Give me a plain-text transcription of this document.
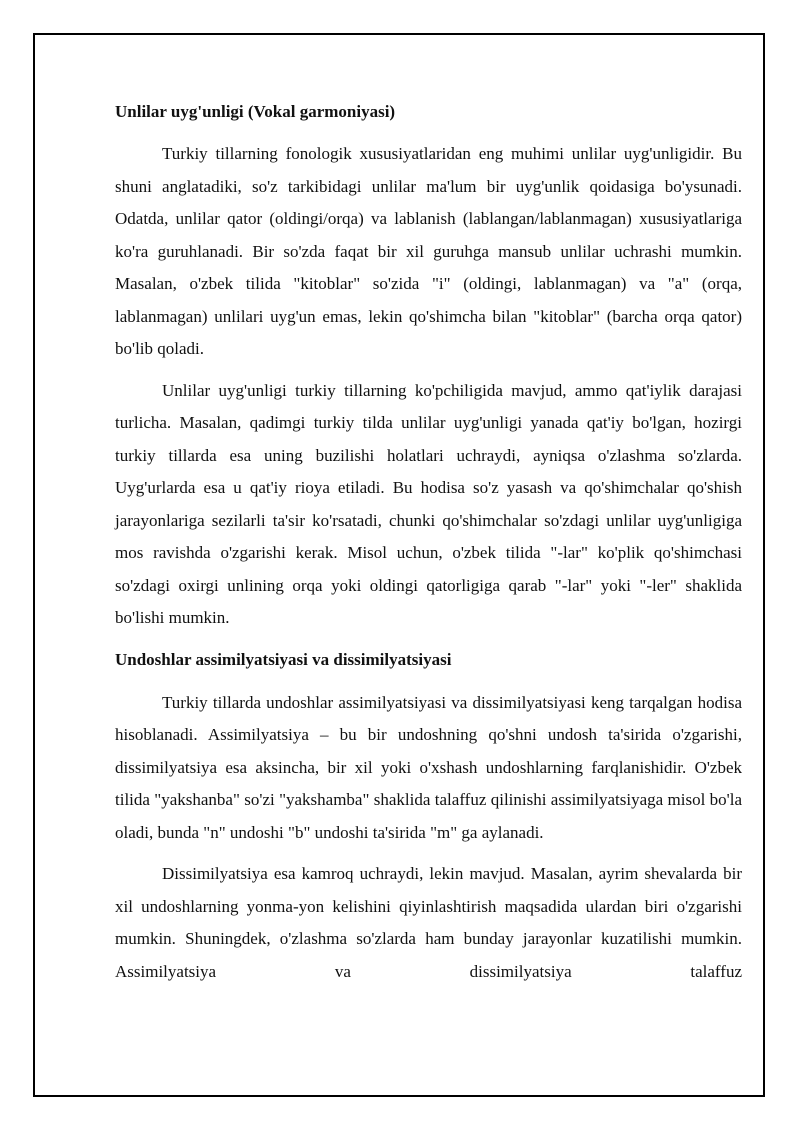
Unlilar uyg'unligi (Vokal garmoniyasi)

Turkiy tillarning fonologik xususiyatlaridan eng muhimi unlilar uyg'unligidir. Bu shuni anglatadiki, so'z tarkibidagi unlilar ma'lum bir uyg'unlik qoidasiga bo'ysunadi. Odatda, unlilar qator (oldingi/orqa) va lablanish (lablangan/lablanmagan) xususiyatlariga ko'ra guruhlanadi. Bir so'zda faqat bir xil guruhga mansub unlilar uchrashi mumkin. Masalan, o'zbek tilida "kitoblar" so'zida "i" (oldingi, lablanmagan) va "a" (orqa, lablanmagan) unlilari uyg'un emas, lekin qo'shimcha bilan "kitoblar" (barcha orqa qator) bo'lib qoladi.

Unlilar uyg'unligi turkiy tillarning ko'pchiligida mavjud, ammo qat'iylik darajasi turlicha. Masalan, qadimgi turkiy tilda unlilar uyg'unligi yanada qat'iy bo'lgan, hozirgi turkiy tillarda esa uning buzilishi holatlari uchraydi, ayniqsa o'zlashma so'zlarda. Uyg'urlarda esa u qat'iy rioya etiladi. Bu hodisa so'z yasash va qo'shimchalar qo'shish jarayonlariga sezilarli ta'sir ko'rsatadi, chunki qo'shimchalar so'zdagi unlilar uyg'unligiga mos ravishda o'zgarishi kerak. Misol uchun, o'zbek tilida "-lar" ko'plik qo'shimchasi so'zdagi oxirgi unlining orqa yoki oldingi qatorligiga qarab "-lar" yoki "-ler" shaklida bo'lishi mumkin.

Undoshlar assimilyatsiyasi va dissimilyatsiyasi

Turkiy tillarda undoshlar assimilyatsiyasi va dissimilyatsiyasi keng tarqalgan hodisa hisoblanadi. Assimilyatsiya – bu bir undoshning qo'shni undosh ta'sirida o'zgarishi, dissimilyatsiya esa aksincha, bir xil yoki o'xshash undoshlarning farqlanishidir. O'zbek tilida "yakshanba" so'zi "yakshamba" shaklida talaffuz qilinishi assimilyatsiyaga misol bo'la oladi, bunda "n" undoshi "b" undoshi ta'sirida "m" ga aylanadi.

Dissimilyatsiya esa kamroq uchraydi, lekin mavjud. Masalan, ayrim shevalarda bir xil undoshlarning yonma-yon kelishini qiyinlashtirish maqsadida ulardan biri o'zgarishi mumkin. Shuningdek, o'zlashma so'zlarda ham bunday jarayonlar kuzatilishi mumkin. Assimilyatsiya va dissimilyatsiya talaffuz
